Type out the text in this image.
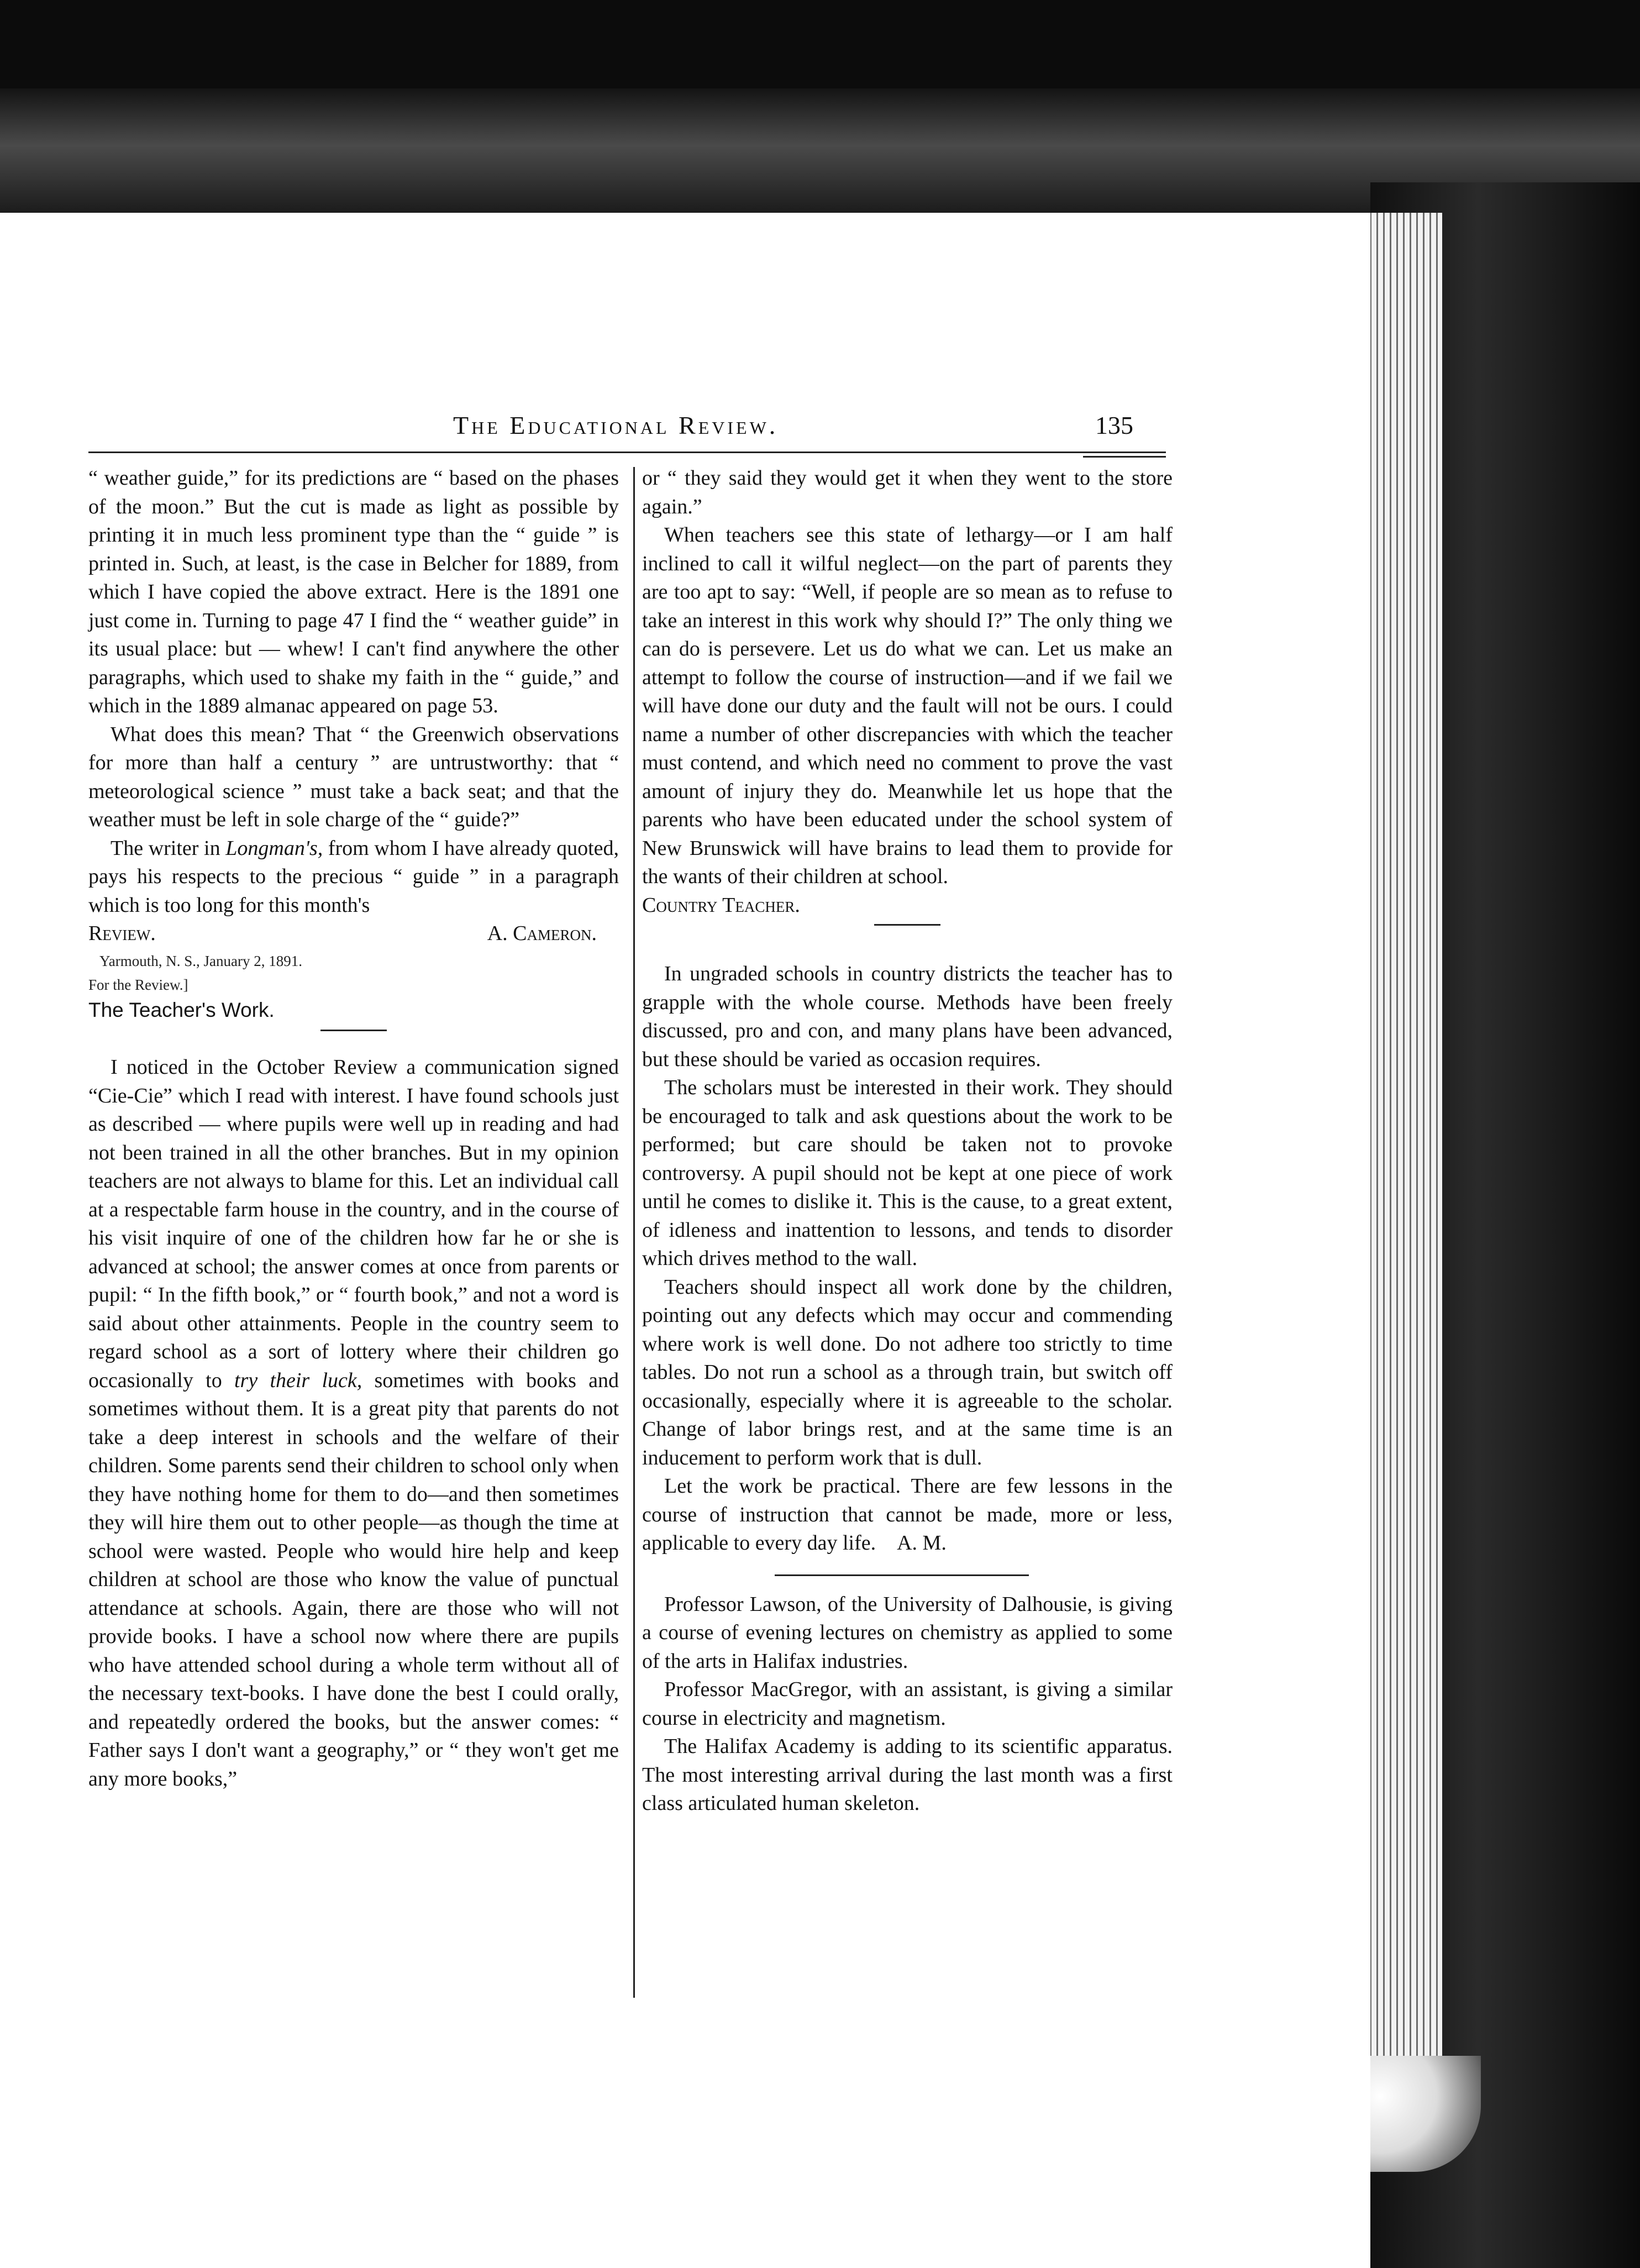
The Educational Review.	135

“ weather guide,” for its predictions are “ based on the phases of the moon.” But the cut is made as light as possible by printing it in much less prominent type than the “ guide ” is printed in. Such, at least, is the case in Belcher for 1889, from which I have copied the above extract. Here is the 1891 one just come in. Turning to page 47 I find the “ weather guide” in its usual place: but — whew! I can't find anywhere the other paragraphs, which used to shake my faith in the “ guide,” and which in the 1889 almanac appeared on page 53.

What does this mean? That “ the Greenwich observations for more than half a century ” are untrustworthy: that “ meteorological science ” must take a back seat; and that the weather must be left in sole charge of the “ guide?”

The writer in Longman's, from whom I have already quoted, pays his respects to the precious “ guide ” in a paragraph which is too long for this month's

Review.	A. Cameron.

Yarmouth, N. S., January 2, 1891.

For the Review.]

The Teacher's Work.

I noticed in the October Review a communication signed “Cie-Cie” which I read with interest. I have found schools just as described — where pupils were well up in reading and had not been trained in all the other branches. But in my opinion teachers are not always to blame for this. Let an individual call at a respectable farm house in the country, and in the course of his visit inquire of one of the children how far he or she is advanced at school; the answer comes at once from parents or pupil: “ In the fifth book,” or “ fourth book,” and not a word is said about other attainments. People in the country seem to regard school as a sort of lottery where their children go occasionally to try their luck, sometimes with books and sometimes without them. It is a great pity that parents do not take a deep interest in schools and the welfare of their children. Some parents send their children to school only when they have nothing home for them to do—and then sometimes they will hire them out to other people—as though the time at school were wasted. People who would hire help and keep children at school are those who know the value of punctual attendance at schools. Again, there are those who will not provide books. I have a school now where there are pupils who have attended school during a whole term without all of the necessary text-books. I have done the best I could orally, and repeatedly ordered the books, but the answer comes: “ Father says I don't want a geography,” or “ they won't get me any more books,”

or “ they said they would get it when they went to the store again.”

When teachers see this state of lethargy—or I am half inclined to call it wilful neglect—on the part of parents they are too apt to say: “Well, if people are so mean as to refuse to take an interest in this work why should I?” The only thing we can do is persevere. Let us do what we can. Let us make an attempt to follow the course of instruction—and if we fail we will have done our duty and the fault will not be ours. I could name a number of other discrepancies with which the teacher must contend, and which need no comment to prove the vast amount of injury they do. Meanwhile let us hope that the parents who have been educated under the school system of New Brunswick will have brains to lead them to provide for the wants of their children at school.

Country Teacher.

In ungraded schools in country districts the teacher has to grapple with the whole course. Methods have been freely discussed, pro and con, and many plans have been advanced, but these should be varied as occasion requires.

The scholars must be interested in their work. They should be encouraged to talk and ask questions about the work to be performed; but care should be taken not to provoke controversy. A pupil should not be kept at one piece of work until he comes to dislike it. This is the cause, to a great extent, of idleness and inattention to lessons, and tends to disorder which drives method to the wall.

Teachers should inspect all work done by the children, pointing out any defects which may occur and commending where work is well done. Do not adhere too strictly to time tables. Do not run a school as a through train, but switch off occasionally, especially where it is agreeable to the scholar. Change of labor brings rest, and at the same time is an inducement to perform work that is dull.

Let the work be practical. There are few lessons in the course of instruction that cannot be made, more or less, applicable to every day life. A. M.

Professor Lawson, of the University of Dalhousie, is giving a course of evening lectures on chemistry as applied to some of the arts in Halifax industries.

Professor MacGregor, with an assistant, is giving a similar course in electricity and magnetism.

The Halifax Academy is adding to its scientific apparatus. The most interesting arrival during the last month was a first class articulated human skeleton.
